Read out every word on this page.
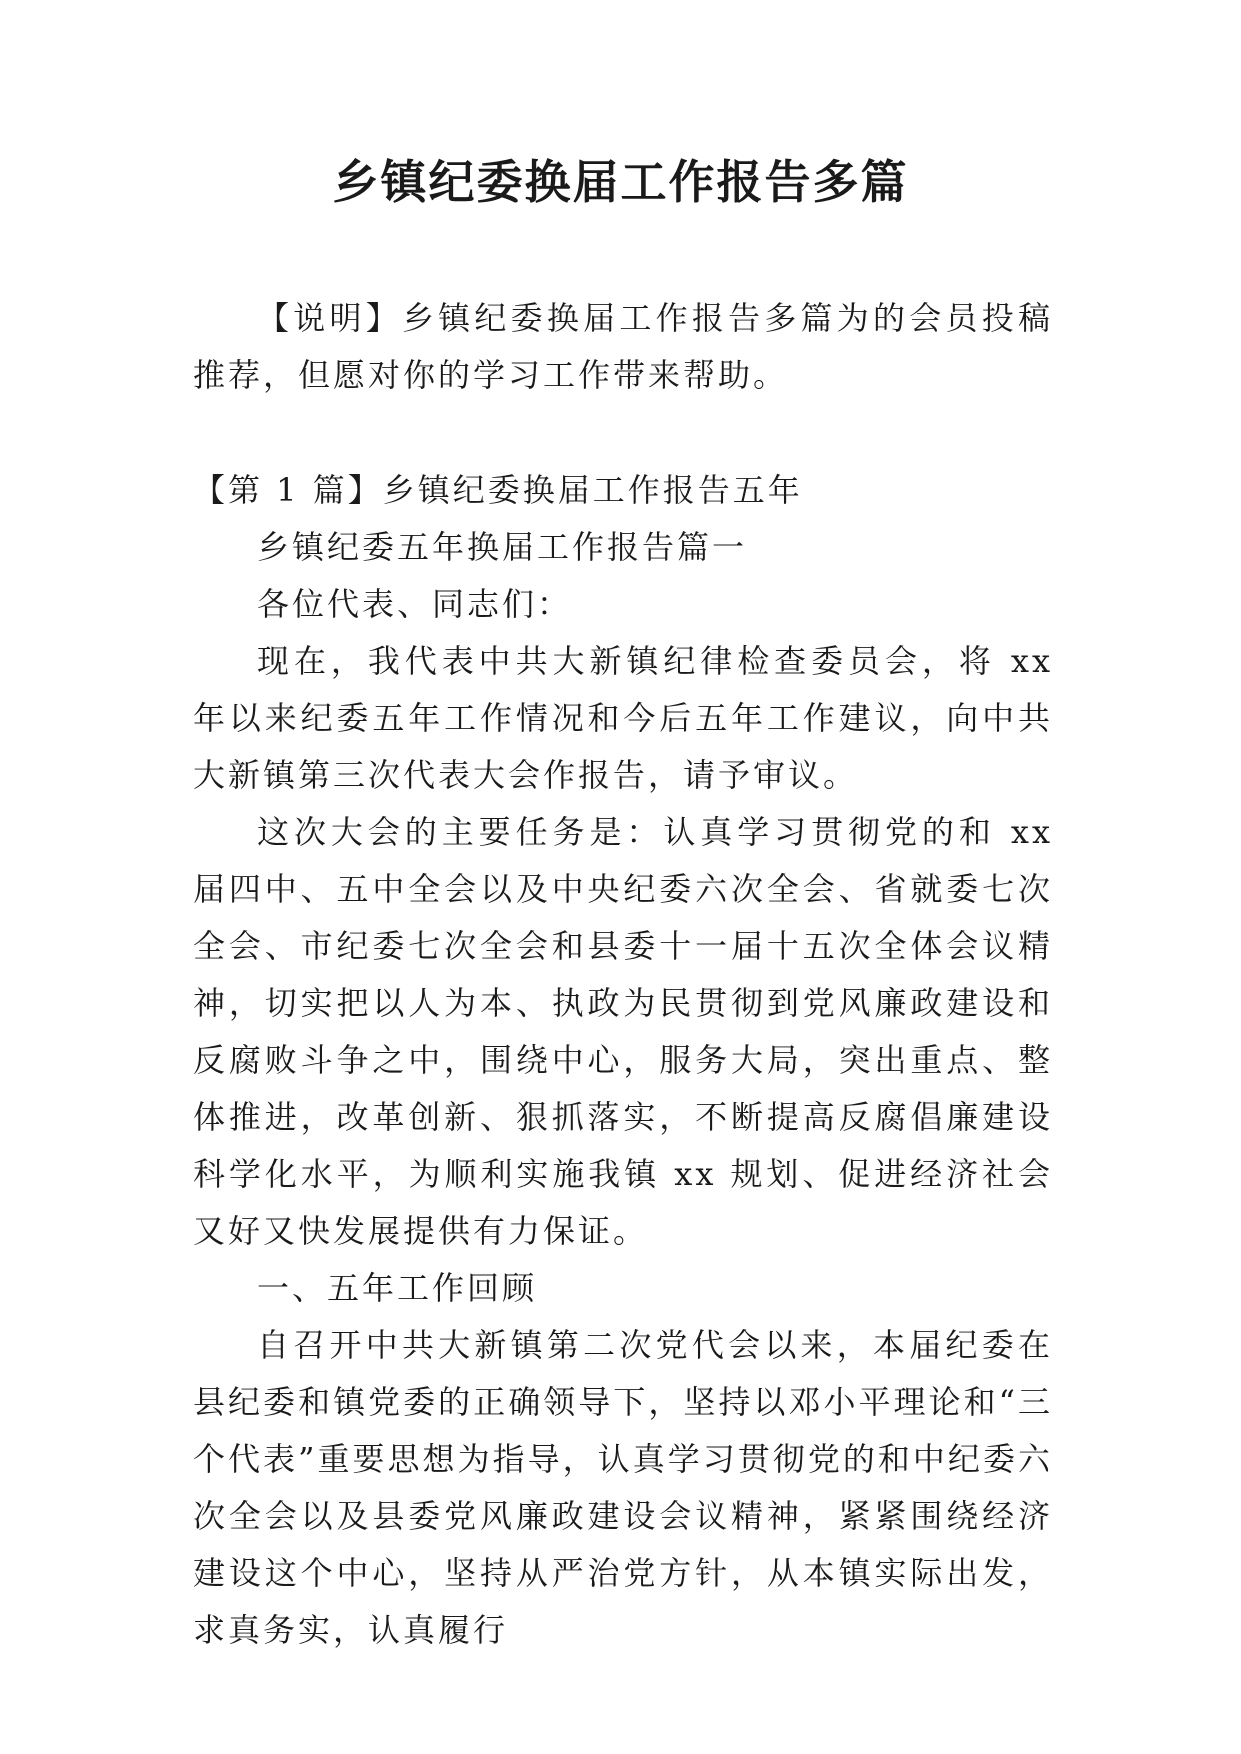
乡镇纪委换届工作报告多篇

【说明】乡镇纪委换届工作报告多篇为的会员投稿推荐，但愿对你的学习工作带来帮助。

【第 1 篇】乡镇纪委换届工作报告五年

乡镇纪委五年换届工作报告篇一

各位代表、同志们：

现在，我代表中共大新镇纪律检查委员会，将 xx 年以来纪委五年工作情况和今后五年工作建议，向中共大新镇第三次代表大会作报告，请予审议。

这次大会的主要任务是：认真学习贯彻党的和 xx 届四中、五中全会以及中央纪委六次全会、省就委七次全会、市纪委七次全会和县委十一届十五次全体会议精神，切实把以人为本、执政为民贯彻到党风廉政建设和反腐败斗争之中，围绕中心，服务大局，突出重点、整体推进，改革创新、狠抓落实，不断提高反腐倡廉建设科学化水平，为顺利实施我镇 xx 规划、促进经济社会又好又快发展提供有力保证。

一、五年工作回顾

自召开中共大新镇第二次党代会以来，本届纪委在县纪委和镇党委的正确领导下，坚持以邓小平理论和“三个代表”重要思想为指导，认真学习贯彻党的和中纪委六次全会以及县委党风廉政建设会议精神，紧紧围绕经济建设这个中心，坚持从严治党方针，从本镇实际出发，求真务实，认真履行
